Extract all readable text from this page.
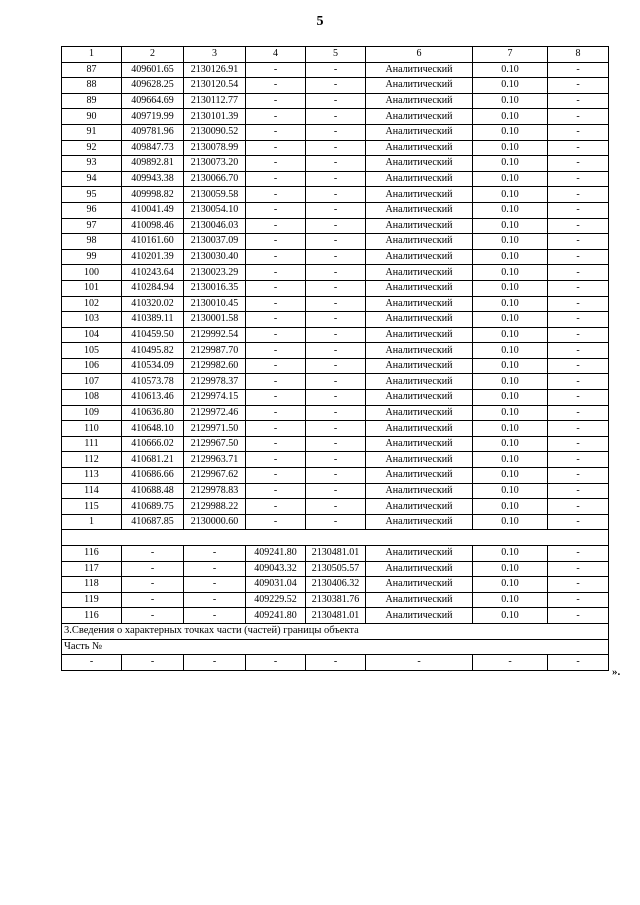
5
1	2	3	4	5	6	7	8
87	409601.65	2130126.91	-	-	Аналитический	0.10	-
88	409628.25	2130120.54	-	-	Аналитический	0.10	-
89	409664.69	2130112.77	-	-	Аналитический	0.10	-
90	409719.99	2130101.39	-	-	Аналитический	0.10	-
91	409781.96	2130090.52	-	-	Аналитический	0.10	-
92	409847.73	2130078.99	-	-	Аналитический	0.10	-
93	409892.81	2130073.20	-	-	Аналитический	0.10	-
94	409943.38	2130066.70	-	-	Аналитический	0.10	-
95	409998.82	2130059.58	-	-	Аналитический	0.10	-
96	410041.49	2130054.10	-	-	Аналитический	0.10	-
97	410098.46	2130046.03	-	-	Аналитический	0.10	-
98	410161.60	2130037.09	-	-	Аналитический	0.10	-
99	410201.39	2130030.40	-	-	Аналитический	0.10	-
100	410243.64	2130023.29	-	-	Аналитический	0.10	-
101	410284.94	2130016.35	-	-	Аналитический	0.10	-
102	410320.02	2130010.45	-	-	Аналитический	0.10	-
103	410389.11	2130001.58	-	-	Аналитический	0.10	-
104	410459.50	2129992.54	-	-	Аналитический	0.10	-
105	410495.82	2129987.70	-	-	Аналитический	0.10	-
106	410534.09	2129982.60	-	-	Аналитический	0.10	-
107	410573.78	2129978.37	-	-	Аналитический	0.10	-
108	410613.46	2129974.15	-	-	Аналитический	0.10	-
109	410636.80	2129972.46	-	-	Аналитический	0.10	-
110	410648.10	2129971.50	-	-	Аналитический	0.10	-
111	410666.02	2129967.50	-	-	Аналитический	0.10	-
112	410681.21	2129963.71	-	-	Аналитический	0.10	-
113	410686.66	2129967.62	-	-	Аналитический	0.10	-
114	410688.48	2129978.83	-	-	Аналитический	0.10	-
115	410689.75	2129988.22	-	-	Аналитический	0.10	-
1	410687.85	2130000.60	-	-	Аналитический	0.10	-

116	-	-	409241.80	2130481.01	Аналитический	0.10	-
117	-	-	409043.32	2130505.57	Аналитический	0.10	-
118	-	-	409031.04	2130406.32	Аналитический	0.10	-
119	-	-	409229.52	2130381.76	Аналитический	0.10	-
116	-	-	409241.80	2130481.01	Аналитический	0.10	-
3.Сведения о характерных точках части (частей) границы объекта							
Часть №							
-	-	-	-	-	-	-	-
».
